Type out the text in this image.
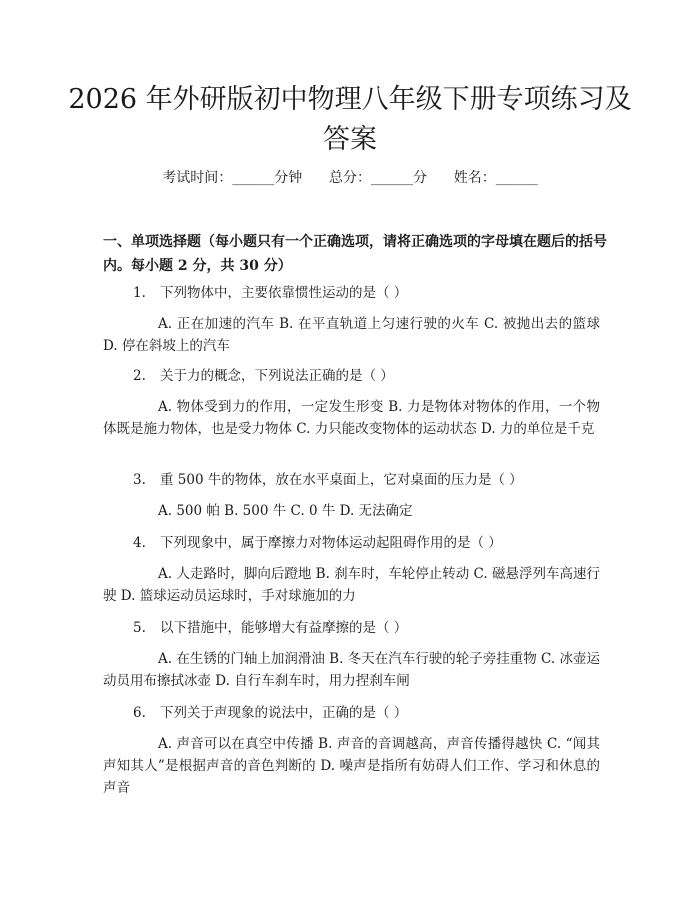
2026 年外研版初中物理八年级下册专项练习及答案
考试时间：______分钟      总分：______分      姓名：______
一、单项选择题（每小题只有一个正确选项，请将正确选项的字母填在题后的括号内。每小题 2 分，共 30 分）
1. 下列物体中，主要依靠惯性运动的是（ ）
A. 正在加速的汽车 B. 在平直轨道上匀速行驶的火车 C. 被抛出去的篮球 D. 停在斜坡上的汽车
2. 关于力的概念，下列说法正确的是（ ）
A. 物体受到力的作用，一定发生形变 B. 力是物体对物体的作用，一个物体既是施力物体，也是受力物体 C. 力只能改变物体的运动状态 D. 力的单位是千克
3. 重 500 牛的物体，放在水平桌面上，它对桌面的压力是（ ）
A. 500 帕 B. 500 牛 C. 0 牛 D. 无法确定
4. 下列现象中，属于摩擦力对物体运动起阻碍作用的是（ ）
A. 人走路时，脚向后蹬地 B. 刹车时，车轮停止转动 C. 磁悬浮列车高速行驶 D. 篮球运动员运球时，手对球施加的力
5. 以下措施中，能够增大有益摩擦的是（ ）
A. 在生锈的门轴上加润滑油 B. 冬天在汽车行驶的轮子旁挂重物 C. 冰壶运动员用布擦拭冰壶 D. 自行车刹车时，用力捏刹车闸
6. 下列关于声现象的说法中，正确的是（ ）
A. 声音可以在真空中传播 B. 声音的音调越高，声音传播得越快 C. “闻其声知其人”是根据声音的音色判断的 D. 噪声是指所有妨碍人们工作、学习和休息的声音
